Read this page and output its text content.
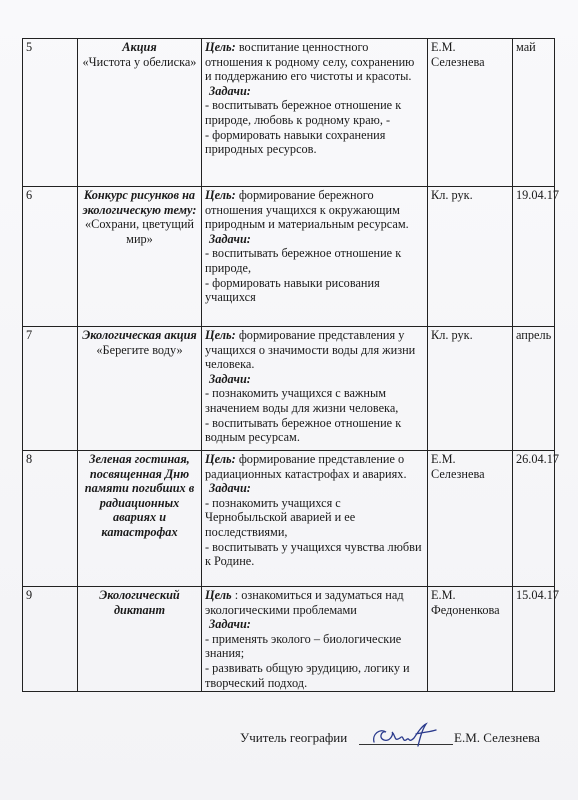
5	Акция
«Чистота у обелиска»	Цель: воспитание ценностного отношения к родному селу, сохранению и поддержанию его чистоты и красоты.
Задачи:
- воспитывать бережное отношение к природе, любовь к родному краю, -
- формировать навыки сохранения природных ресурсов.	Е.М. Селезнева	май
6	Конкурс рисунков на экологическую тему:
«Сохрани, цветущий мир»	Цель: формирование бережного отношения учащихся к окружающим природным и материальным ресурсам.
Задачи:
- воспитывать бережное отношение к природе,
- формировать навыки рисования учащихся	Кл. рук.	19.04.17
7	Экологическая акция
«Берегите воду»	Цель: формирование представления у учащихся о значимости воды для жизни человека.
Задачи:
- познакомить учащихся с важным значением воды для жизни человека,
- воспитывать бережное отношение к водным ресурсам.	Кл. рук.	апрель
8	Зеленая гостиная, посвященная Дню памяти погибших в радиационных авариях и катастрофах	Цель: формирование представление о радиационных катастрофах и авариях.
Задачи:
- познакомить учащихся с Чернобыльской аварией и ее последствиями,
- воспитывать у учащихся чувства любви к Родине.	Е.М. Селезнева	26.04.17
9	Экологический диктант	Цель : ознакомиться и задуматься над экологическими проблемами
Задачи:
- применять эколого – биологические знания;
- развивать общую эрудицию, логику и творческий подход.	Е.М. Федоненкова	15.04.17
Учитель географии	Е.М. Селезнева
